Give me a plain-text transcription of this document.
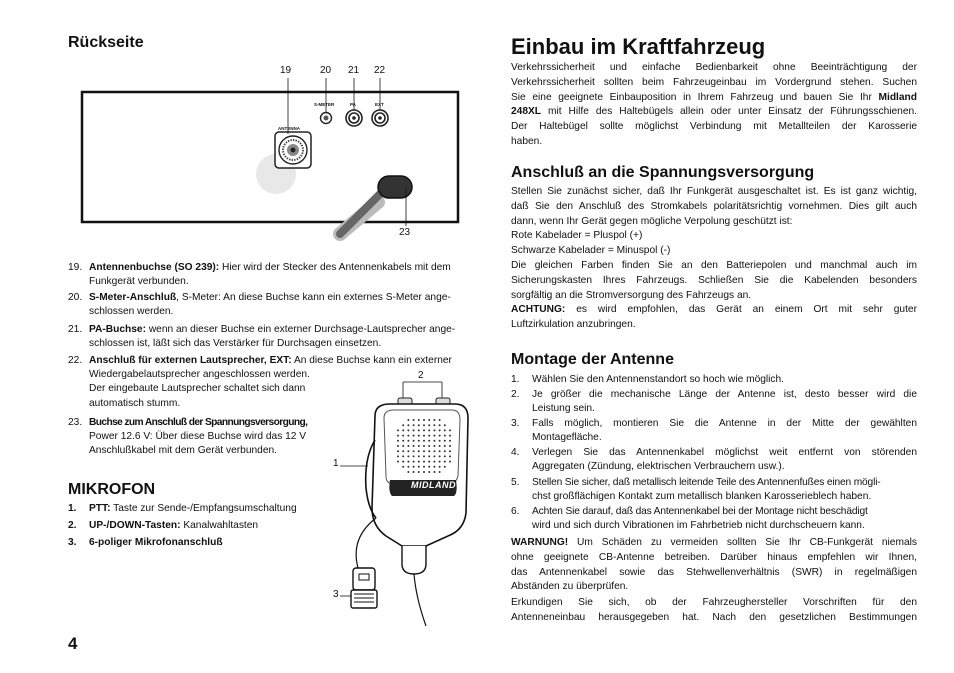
Rückseite
ANTENNA
S-METER	PA	EXT
19	20 21 22
23
19. Antennenbuchse (SO 239): Hier wird der Stecker des Antennenkabels mit dem
Funkgerät verbunden.
20. S-Meter-Anschluß, S-Meter: An diese Buchse kann ein externes S-Meter ange-
schlossen werden.
21. PA-Buchse: wenn an dieser Buchse ein externer Durchsage-Lautsprecher ange-
schlossen ist, läßt sich das Verstärker für Durchsagen einsetzen.
22. Anschluß für externen Lautsprecher, EXT: An diese Buchse kann ein externer
Wiedergabelautsprecher angeschlossen werden.
Der eingebaute Lautsprecher schaltet sich dann
automatisch stumm.
23. Buchse zum Anschluß der Spannungsversorgung,
Power 12.6 V: Über diese Buchse wird das 12 V
Anschlußkabel mit dem Gerät verbunden.
MIKROFON
1.	PTT: Taste zur Sende-/Empfangsumschaltung
2.	UP-/DOWN-Tasten: Kanalwahltasten
3.	6-poliger Mikrofonanschluß
MIDLAND
2
1
3
4
Einbau im Kraftfahrzeug
Verkehrssicherheit und einfache Bedienbarkeit ohne Beeinträchtigung der
Verkehrssicherheit sollten beim Fahrzeugeinbau im Vordergrund stehen. Suchen
Sie eine geeignete Einbauposition in Ihrem Fahrzeug und bauen Sie Ihr Midland
248XL mit Hilfe des Haltebügels allein oder unter Einsatz der Führungsschienen.
Der Haltebügel sollte möglichst Verbindung mit Metallteilen der Karosserie
haben.
Anschluß an die Spannungsversorgung
Stellen Sie zunächst sicher, daß Ihr Funkgerät ausgeschaltet ist. Es ist ganz wichtig,
daß Sie den Anschluß des Stromkabels polaritätsrichtig vornehmen. Dies gilt auch
dann, wenn Ihr Gerät gegen mögliche Verpolung geschützt ist:
Rote Kabelader = Pluspol (+)
Schwarze Kabelader = Minuspol (-)
Die gleichen Farben finden Sie an den Batteriepolen und manchmal auch im
Sicherungskasten Ihres Fahrzeugs. Schließen Sie die Kabelenden besonders
sorgfältig an die Stromversorgung des Fahrzeugs an.
ACHTUNG: es wird empfohlen, das Gerät an einem Ort mit sehr guter
Luftzirkulation anzubringen.
Montage der Antenne
1.	Wählen Sie den Antennenstandort so hoch wie möglich.
2.	Je größer die mechanische Länge der Antenne ist, desto besser wird die
Leistung sein.
3.	Falls möglich, montieren Sie die Antenne in der Mitte der gewählten
Montagefläche.
4.	Verlegen Sie das Antennenkabel möglichst weit entfernt von störenden
Aggregaten (Zündung, elektrischen Verbrauchern usw.).
5.	Stellen Sie sicher, daß metallisch leitende Teile des Antennenfußes einen mögli-
chst großflächigen Kontakt zum metallisch blanken Karosserieblech haben.
6.	Achten Sie darauf, daß das Antennenkabel bei der Montage nicht beschädigt
wird und sich durch Vibrationen im Fahrbetrieb nicht durchscheuern kann.
WARNUNG! Um Schäden zu vermeiden sollten Sie Ihr CB-Funkgerät niemals
ohne geeignete CB-Antenne betreiben. Darüber hinaus empfehlen wir Ihnen,
das Antennenkabel sowie das Stehwellenverhältnis (SWR) in regelmäßigen
Abständen zu überprüfen.
Erkundigen Sie sich, ob der Fahrzeughersteller Vorschriften für den
Antenneneinbau herausgegeben hat. Nach den gesetzlichen Bestimmungen
